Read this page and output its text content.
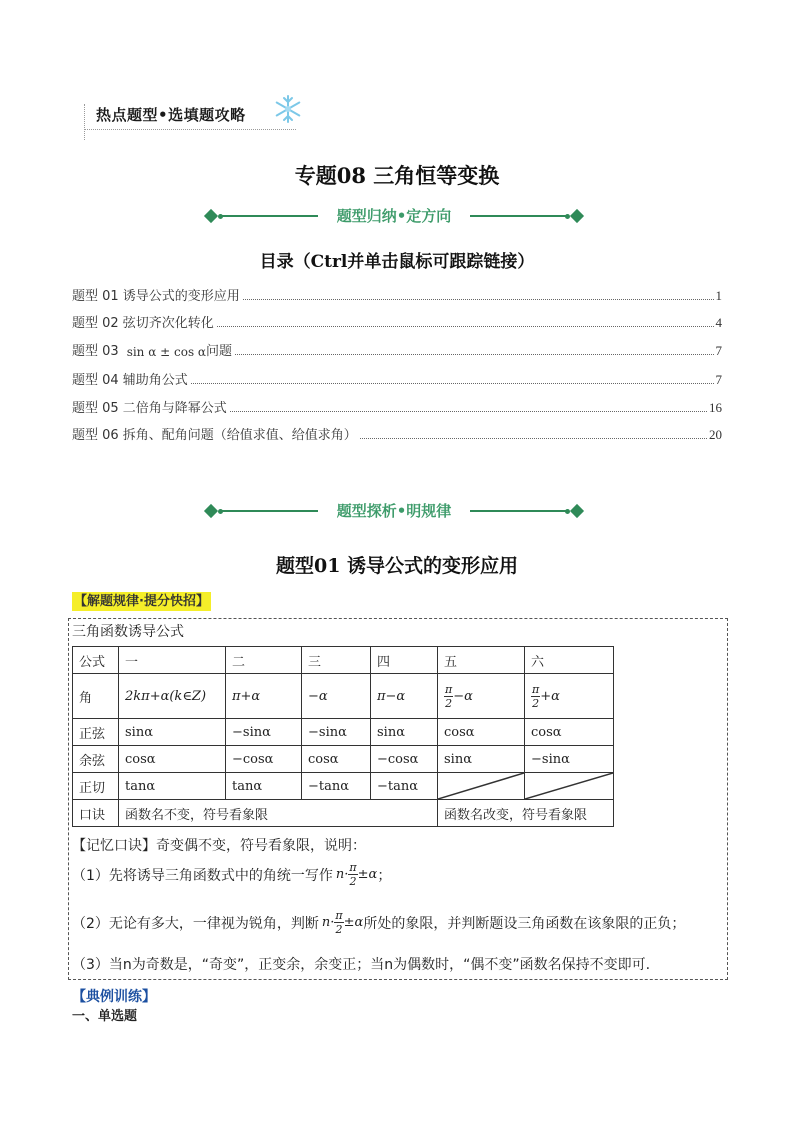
热点题型•选填题攻略
专题08 三角恒等变换
题型归纳•定方向
目录（Ctrl并单击鼠标可跟踪链接）
题型 01 诱导公式的变形应用	1
题型 02 弦切齐次化转化	4
题型 03 sin α ± cos α 问题	7
题型 04 辅助角公式	7
题型 05 二倍角与降幂公式	16
题型 06 拆角、配角问题（给值求值、给值求角）	20
题型探析•明规律
题型01 诱导公式的变形应用
【解题规律·提分快招】
三角函数诱导公式
公式	一	二	三	四	五	六
角	2kπ+α(k∈Z)	π+α	−α	π−α	$\frac{\pi}{2} -\alpha$	$\frac{\pi}{2} +\alpha$
正弦	sinα	−sinα	−sinα	sinα	cosα	cosα
余弦	cosα	−cosα	cosα	−cosα	sinα	−sinα
正切	tanα	tanα	−tanα	−tanα	

口诀	函数名不变，符号看象限				函数名改变，符号看象限	
【记忆口诀】奇变偶不变，符号看象限，说明：
（1）先将诱导三角函数式中的角统一写作 $n\cdot \frac{\pi}{2} \pm\alpha$ ；
（2）无论有多大，一律视为锐角，判断 $n\cdot \frac{\pi}{2} \pm\alpha$ 所处的象限，并判断题设三角函数在该象限的正负；
（3）当n为奇数是，“奇变”，正变余，余变正；当n为偶数时，“偶不变”函数名保持不变即可.
【典例训练】
一、单选题
